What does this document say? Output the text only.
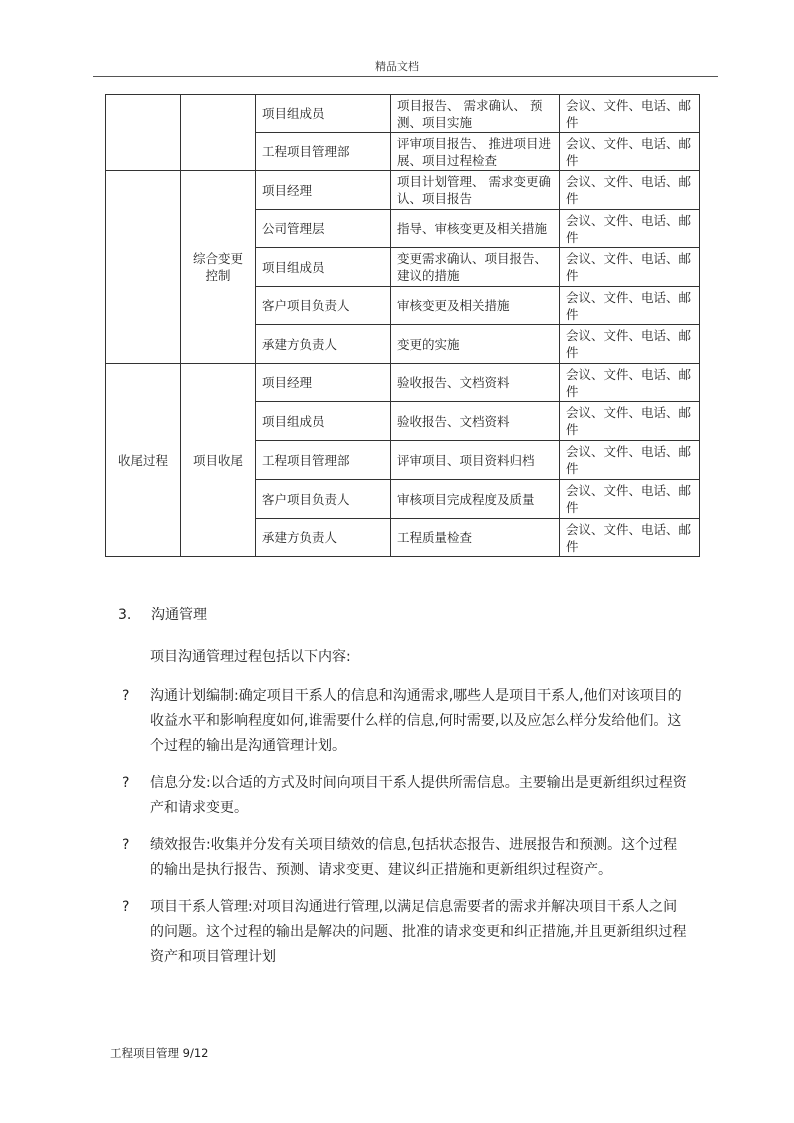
精品文档
		项目组成员	项目报告、 需求确认、 预测、项目实施	会议、文件、电话、邮件
		工程项目管理部	评审项目报告、 推进项目进展、项目过程检查	会议、文件、电话、邮件
	综合变更控制	项目经理	项目计划管理、 需求变更确认、项目报告	会议、文件、电话、邮件
		公司管理层	指导、审核变更及相关措施	会议、文件、电话、邮件
		项目组成员	变更需求确认、项目报告、建议的措施	会议、文件、电话、邮件
		客户项目负责人	审核变更及相关措施	会议、文件、电话、邮件
		承建方负责人	变更的实施	会议、文件、电话、邮件
收尾过程	项目收尾	项目经理	验收报告、文档资料	会议、文件、电话、邮件
		项目组成员	验收报告、文档资料	会议、文件、电话、邮件
		工程项目管理部	评审项目、项目资料归档	会议、文件、电话、邮件
		客户项目负责人	审核项目完成程度及质量	会议、文件、电话、邮件
		承建方负责人	工程质量检查	会议、文件、电话、邮件
3. 沟通管理
项目沟通管理过程包括以下内容:
? 沟通计划编制:确定项目干系人的信息和沟通需求,哪些人是项目干系人,他们对该项目的收益水平和影响程度如何,谁需要什么样的信息,何时需要,以及应怎么样分发给他们。这个过程的输出是沟通管理计划。
? 信息分发:以合适的方式及时间向项目干系人提供所需信息。主要输出是更新组织过程资产和请求变更。
? 绩效报告:收集并分发有关项目绩效的信息,包括状态报告、进展报告和预测。这个过程的输出是执行报告、预测、请求变更、建议纠正措施和更新组织过程资产。
? 项目干系人管理:对项目沟通进行管理,以满足信息需要者的需求并解决项目干系人之间的问题。这个过程的输出是解决的问题、批准的请求变更和纠正措施,并且更新组织过程资产和项目管理计划
工程项目管理 9/12
